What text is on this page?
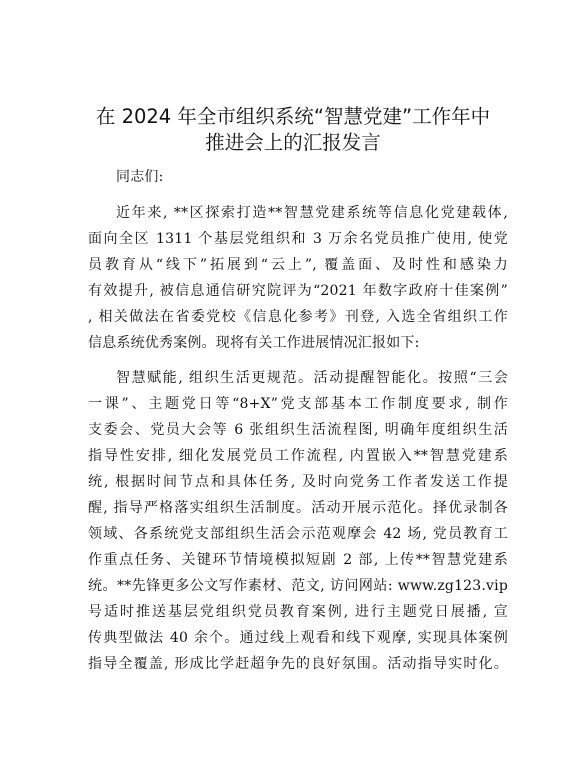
在 2024 年全市组织系统“智慧党建”工作年中
推进会上的汇报发言
同志们:
近年来, **区探索打造**智慧党建系统等信息化党建载体,
面向全区 1311 个基层党组织和 3 万余名党员推广使用, 使党
员教育从“线下”拓展到“云上”, 覆盖面、及时性和感染力
有效提升, 被信息通信研究院评为“2021 年数字政府十佳案例”
, 相关做法在省委党校《信息化参考》刊登, 入选全省组织工作
信息系统优秀案例。现将有关工作进展情况汇报如下:
智慧赋能, 组织生活更规范。活动提醒智能化。按照“三会
一课”、主题党日等“8+X”党支部基本工作制度要求, 制作
支委会、党员大会等 6 张组织生活流程图, 明确年度组织生活
指导性安排, 细化发展党员工作流程, 内置嵌入**智慧党建系
统, 根据时间节点和具体任务, 及时向党务工作者发送工作提
醒, 指导严格落实组织生活制度。活动开展示范化。择优录制各
领域、各系统党支部组织生活会示范观摩会 42 场, 党员教育工
作重点任务、关键环节情境模拟短剧 2 部, 上传**智慧党建系
统。**先锋更多公文写作素材、范文, 访问网站: www.zg123.vip
号适时推送基层党组织党员教育案例, 进行主题党日展播, 宣
传典型做法 40 余个。通过线上观看和线下观摩, 实现具体案例
指导全覆盖, 形成比学赶超争先的良好氛围。活动指导实时化。
